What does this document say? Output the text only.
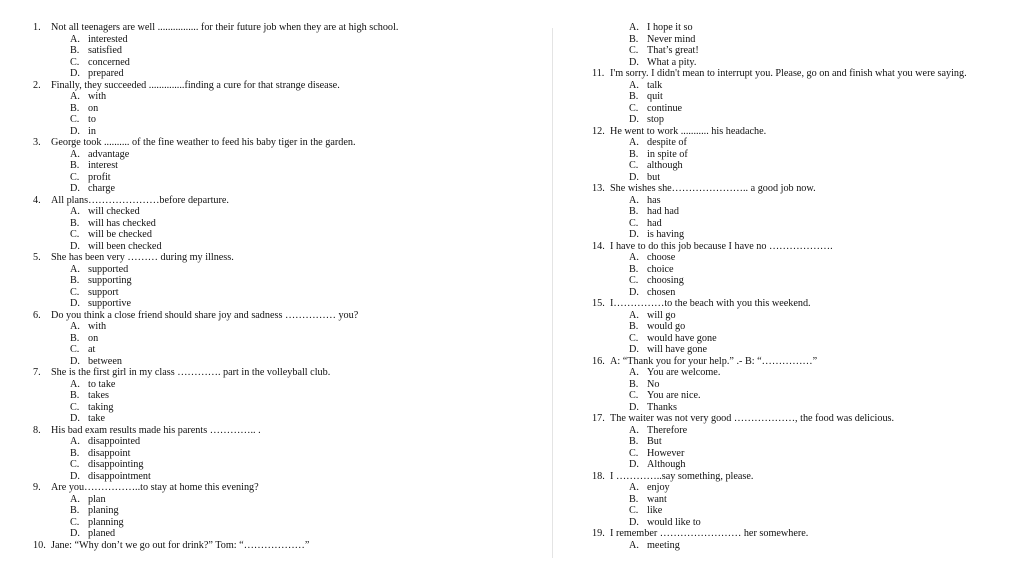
1.	Not all teenagers are well ................ for their future job when they are at high school.
A. interested
B. satisfied
C. concerned
D. prepared
2.	Finally, they succeeded ..............finding a cure for that strange disease.
A. with
B. on
C. to
D. in
3.	George took .......... of the fine weather to feed his baby tiger in the garden.
A. advantage
B. interest
C. profit
D. charge
4.	All plans…………………before departure.
A. will checked
B. will has checked
C. will be checked
D. will been checked
5.	She has been very ……… during my illness.
A. supported
B. supporting
C. support
D. supportive
6.	Do you think a close friend should share joy and sadness …………… you?
A. with
B. on
C. at
D. between
7.	She is the first girl in my class …………. part in the volleyball club.
A. to take
B. takes
C. taking
D. take
8.	His bad exam results made his parents ………….. .
A. disappointed
B. disappoint
C. disappointing
D. disappointment
9.	Are you……………..to stay at home this evening?
A. plan
B. planing
C. planning
D. planed
10. Jane: “Why don’t we go out for drink?” Tom: “………………”
A. I hope it so
B. Never mind
C. That’s great!
D. What a pity.
11. I'm sorry. I didn't mean to interrupt you. Please, go on and finish what you were saying.
A. talk
B. quit
C. continue
D. stop
12. He went to work ........... his headache.
A. despite of
B. in spite of
C. although
D. but
13. She wishes she………………….. a good job now.
A. has
B. had had
C. had
D. is having
14. I have to do this job because I have no ……………….
A. choose
B. choice
C. choosing
D. chosen
15. I……………to the beach with you this weekend.
A. will go
B. would go
C. would have gone
D. will have gone
16. A: “Thank you for your help.” .- B: “……………”
A. You are welcome.
B. No
C. You are nice.
D. Thanks
17. The waiter was not very good ………………, the food was delicious.
A. Therefore
B. But
C. However
D. Although
18. I …………..say something, please.
A. enjoy
B. want
C. like
D. would like to
19. I remember …………………… her somewhere.
A. meeting
